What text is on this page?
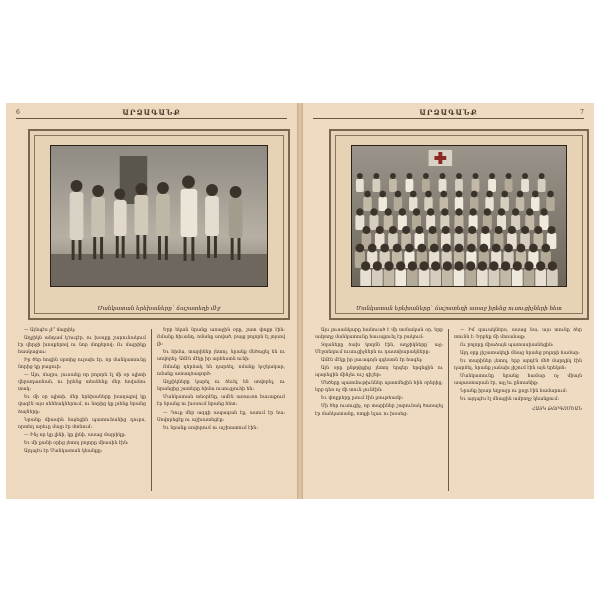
6	ԱՐՁԱԳԱՆՔ
Մանկատան երեխաները` ճաշատեղի մէջ

— Այնպէս չէ՞ մայրիկ։

Աղջիկն անդամ կ'ուզէր, ու խօսքը շարունակում էր վերջի խոսքերով ու նոր մտքերով։ Ու մայրիկը հասկացաւ։

Իր ծեր հոգին սրտից ուրախ էր, որ մանկատունը նորից կը բացուի։

— Այո, մայրս, յուսանք որ բոլորն էլ մի օր պիտի վերադառնան, ու իրենց տեսնենք մեր հովանու տակ։

Եւ մի օր պիտի, մեր երեխաները խաղալով կը վազէն այս սենեակներում, ու նորից կը լսենք նրանց ձայները։

Նրանք միասին նայեցին պատուհանից դուրս, որտեղ արեւը մայր էր մտնում։

— Ինչ որ կը լինի, կը լինի, ասաց մայրիկը։

Եւ մի քանի օրից յետոյ բոլորը միասին էին։

Այդպէս էր Մանկատան կեանքը։

Երբ եկան նրանք առաջին օրը, շատ փոքր էին։ Ոմանք հիւանդ, ոմանք սոված, բայց բոլորն էլ յոյսով լի։

Եւ հիմա, տարիներ յետոյ, նրանք մեծացել են ու սովորել։ Ամէն մէկը իր արհեստն ունի։

Ոմանք դերձակ են դարձել, ոմանք կօշկակար, ոմանք ատաղձագործ։

Աղջիկները կարել ու ձեւել են սովորել, ու նրանցից շատերը հիմա ուսուցչուհի են։

Մանկատան տնօրէնը, ամէն առաւօտ հաւաքում էր նրանց ու խօսում նրանց հետ։

— Դուք մեր ազգի ապագան էք, ասում էր նա։ Սովորեցէք ու աշխատեցէք։

Եւ նրանք սովորում ու աշխատում էին։

ԱՐՁԱԳԱՆՔ	7
Մանկատան երեխաները` ճաշատեղի առաջ իրենց ուսուցիչների հետ

Այս լուսանկարը հանուած է մի տօնական օր, երբ ամբողջ մանկատունը հաւաքուել էր բակում։

Տղաները ձախ կողմն էին, աղջիկները` աջ։ Մէջտեղում ուսուցիչներն ու դաստիարակները։

Ամէն մէկը իր լաւագոյն զգեստն էր հագել։

Այն օրը ընթրիքից յետոյ երգեր երգեցին ու պարեցին մինչեւ ուշ գիշեր։

Մեծերը պատմութիւններ պատմեցին հին օրերից, երբ դեռ ոչ մի տուն չունէին։

Եւ փոքրերը լսում էին լռութեամբ։

Մի ծեր ուսուցիչ, որ տարիներ շարունակ ծառայել էր մանկատանը, ոտքի ելաւ ու խօսեց։

— Իմ զաւակներս, ասաց նա, այս տունը ձեր տունն է։ Երբեք մի մոռանաք։

Ու բոլորը միաձայն պատասխանեցին։

Այդ օրը յիշատակելի մնաց նրանց բոլորի համար։

Եւ տարիներ յետոյ, երբ արդէն մեծ մարդիկ էին դարձել, նրանք յաճախ յիշում էին այն երեկոն։

Մանկատունը նրանց համար ոչ միայն ապաստարան էր, այլ եւ ընտանիք։

Նրանք իրար եղբայր ու քոյր էին համարում։

Եւ այդպէս էլ մնացին ամբողջ կեանքում։

ՀԱՅԿ ԹՈՐԳՈՄԵԱՆ
